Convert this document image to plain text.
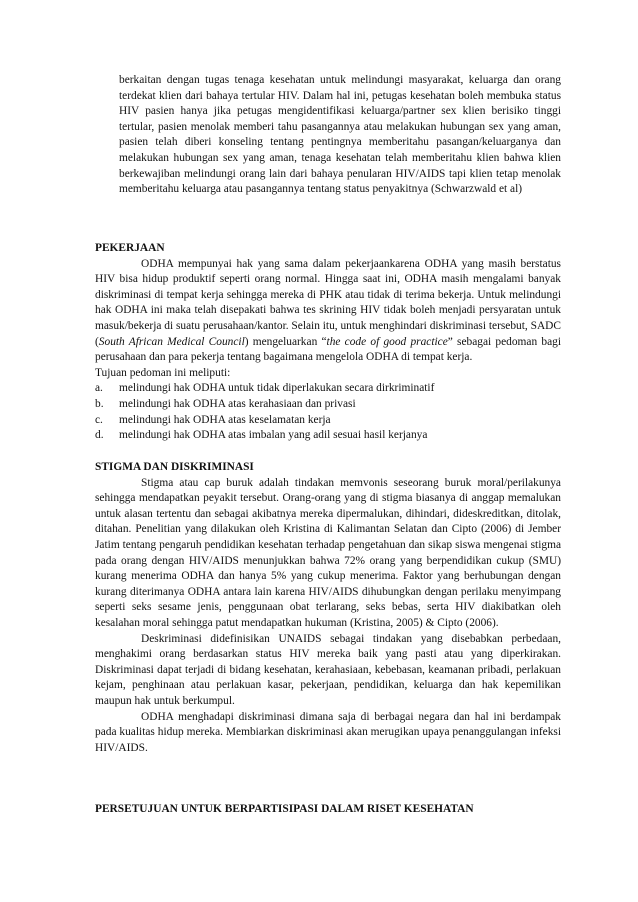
berkaitan dengan tugas tenaga kesehatan untuk melindungi masyarakat, keluarga dan orang terdekat klien dari bahaya tertular HIV. Dalam hal ini, petugas kesehatan boleh membuka status HIV pasien hanya jika petugas mengidentifikasi keluarga/partner sex klien berisiko tinggi tertular, pasien menolak memberi tahu pasangannya atau melakukan hubungan sex yang aman, pasien telah diberi konseling tentang pentingnya memberitahu pasangan/keluarganya dan melakukan hubungan sex yang aman, tenaga kesehatan telah memberitahu klien bahwa klien berkewajiban melindungi orang lain dari bahaya penularan HIV/AIDS tapi klien tetap menolak memberitahu keluarga atau pasangannya tentang status penyakitnya (Schwarzwald et al)

PEKERJAAN

ODHA mempunyai hak yang sama dalam pekerjaankarena ODHA yang masih berstatus HIV bisa hidup produktif seperti orang normal. Hingga saat ini, ODHA masih mengalami banyak diskriminasi di tempat kerja sehingga mereka di PHK atau tidak di terima bekerja. Untuk melindungi hak ODHA ini maka telah disepakati bahwa tes skrining HIV tidak boleh menjadi persyaratan untuk masuk/bekerja di suatu perusahaan/kantor. Selain itu, untuk menghindari diskriminasi tersebut, SADC (South African Medical Council) mengeluarkan “the code of good practice” sebagai pedoman bagi perusahaan dan para pekerja tentang bagaimana mengelola ODHA di tempat kerja.

Tujuan pedoman ini meliputi:

a.	melindungi hak ODHA untuk tidak diperlakukan secara dirkriminatif
b.	melindungi hak ODHA atas kerahasiaan dan privasi
c.	melindungi hak ODHA atas keselamatan kerja
d.	melindungi hak ODHA atas imbalan yang adil sesuai hasil kerjanya
STIGMA DAN DISKRIMINASI

Stigma atau cap buruk adalah tindakan memvonis seseorang buruk moral/perilakunya sehingga mendapatkan peyakit tersebut. Orang-orang yang di stigma biasanya di anggap memalukan untuk alasan tertentu dan sebagai akibatnya mereka dipermalukan, dihindari, dideskreditkan, ditolak, ditahan. Penelitian yang dilakukan oleh Kristina di Kalimantan Selatan dan Cipto (2006) di Jember Jatim tentang pengaruh pendidikan kesehatan terhadap pengetahuan dan sikap siswa mengenai stigma pada orang dengan HIV/AIDS menunjukkan bahwa 72% orang yang berpendidikan cukup (SMU) kurang menerima ODHA dan hanya 5% yang cukup menerima. Faktor yang berhubungan dengan kurang diterimanya ODHA antara lain karena HIV/AIDS dihubungkan dengan perilaku menyimpang seperti seks sesame jenis, penggunaan obat terlarang, seks bebas, serta HIV diakibatkan oleh kesalahan moral sehingga patut mendapatkan hukuman (Kristina, 2005) & Cipto (2006).

Deskriminasi didefinisikan UNAIDS sebagai tindakan yang disebabkan perbedaan, menghakimi orang berdasarkan status HIV mereka baik yang pasti atau yang diperkirakan. Diskriminasi dapat terjadi di bidang kesehatan, kerahasiaan, kebebasan, keamanan pribadi, perlakuan kejam, penghinaan atau perlakuan kasar, pekerjaan, pendidikan, keluarga dan hak kepemilikan maupun hak untuk berkumpul.

ODHA menghadapi diskriminasi dimana saja di berbagai negara dan hal ini berdampak pada kualitas hidup mereka. Membiarkan diskriminasi akan merugikan upaya penanggulangan infeksi HIV/AIDS.

PERSETUJUAN UNTUK BERPARTISIPASI DALAM RISET KESEHATAN
